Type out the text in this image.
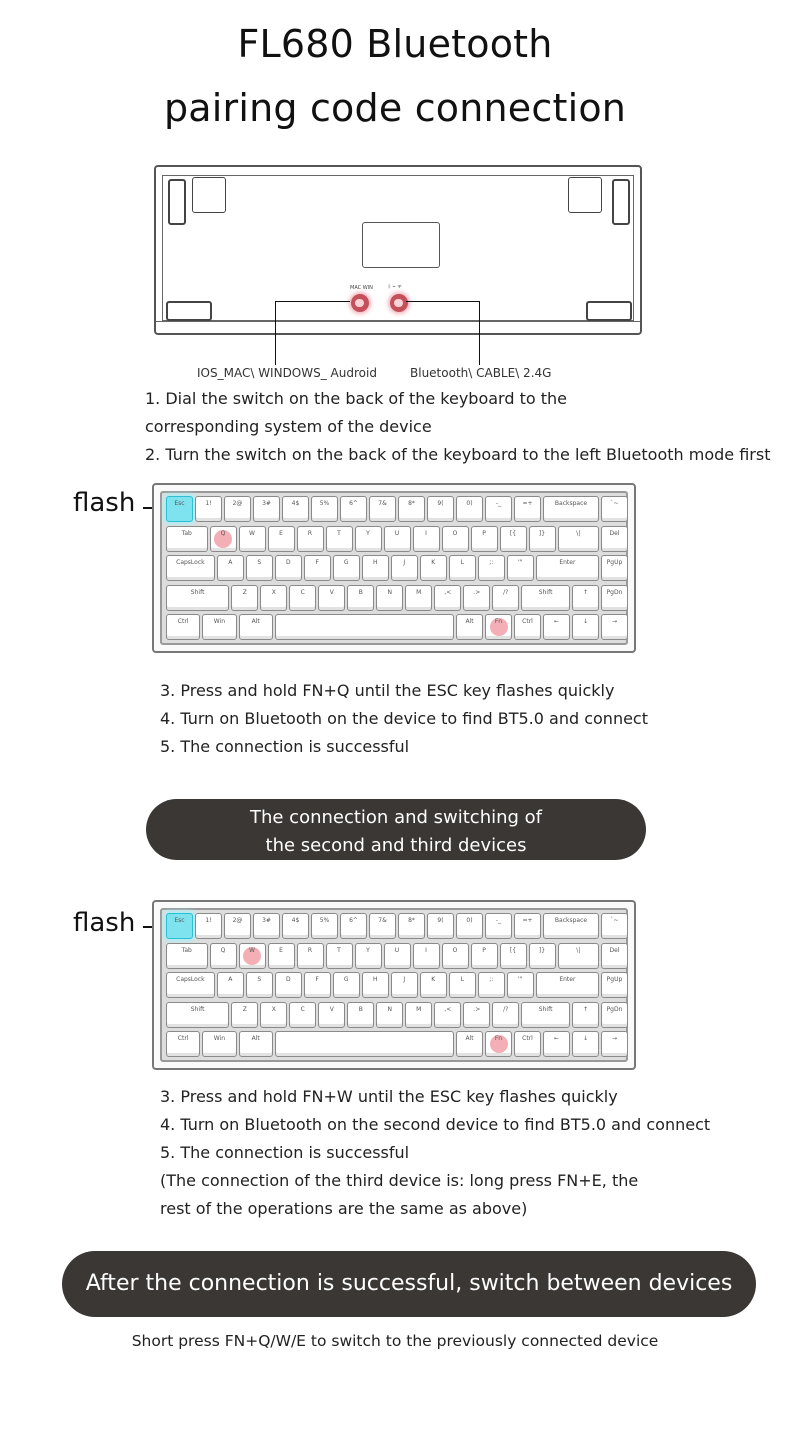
FL680 Bluetooth
pairing code connection
MAC WIN	ᛒ ⌁ ᯤ
IOS_MAC\ WINDOWS_ Audroid	Bluetooth\ CABLE\ 2.4G
1. Dial the switch on the back of the keyboard to the
corresponding system of the device
2. Turn the switch on the back of the keyboard to the left Bluetooth mode first
flash	Esc	1!	2@	3#	4$	5%	6^	7&	8*	9(	0)	-_	=+	Backspace	`~
Tab	Q	W	E	R	T	Y	U	I	O	P	[{	]}	\|	Del
CapsLock	A	S	D	F	G	H	J	K	L	;:	'"	Enter	PgUp
Shift	Z	X	C	V	B	N	M	,<	.>	/?	Shift	↑	PgDn
Ctrl	Win	Alt	Alt	Fn	Ctrl	←	↓	→
3. Press and hold FN+Q until the ESC key flashes quickly
4. Turn on Bluetooth on the device to find BT5.0 and connect
5. The connection is successful
The connection and switching of
the second and third devices
flash	Esc	1!	2@	3#	4$	5%	6^	7&	8*	9(	0)	-_	=+	Backspace	`~
Tab	Q	W	E	R	T	Y	U	I	O	P	[{	]}	\|	Del
CapsLock	A	S	D	F	G	H	J	K	L	;:	'"	Enter	PgUp
Shift	Z	X	C	V	B	N	M	,<	.>	/?	Shift	↑	PgDn
Ctrl	Win	Alt	Alt	Fn	Ctrl	←	↓	→
3. Press and hold FN+W until the ESC key flashes quickly
4. Turn on Bluetooth on the second device to find BT5.0 and connect
5. The connection is successful
(The connection of the third device is: long press FN+E, the
rest of the operations are the same as above)
After the connection is successful, switch between devices
Short press FN+Q/W/E to switch to the previously connected device
